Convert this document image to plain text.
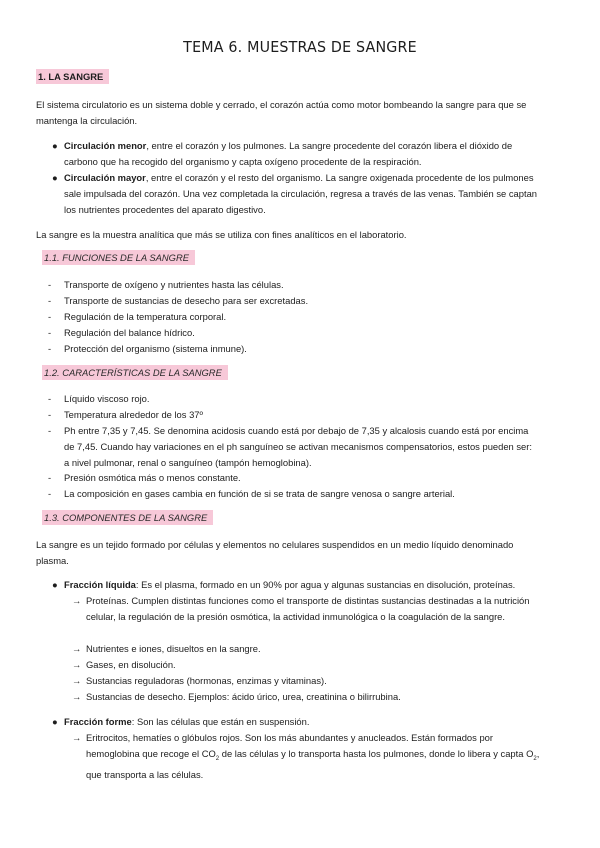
TEMA 6. MUESTRAS DE SANGRE
1. LA SANGRE
El sistema circulatorio es un sistema doble y cerrado, el corazón actúa como motor bombeando la sangre para que se mantenga la circulación.
● Circulación menor, entre el corazón y los pulmones. La sangre procedente del corazón libera el dióxido de carbono que ha recogido del organismo y capta oxígeno procedente de la respiración.
● Circulación mayor, entre el corazón y el resto del organismo. La sangre oxigenada procedente de los pulmones sale impulsada del corazón. Una vez completada la circulación, regresa a través de las venas. También se captan los nutrientes procedentes del aparato digestivo.
La sangre es la muestra analítica que más se utiliza con fines analíticos en el laboratorio.
1.1. FUNCIONES DE LA SANGRE
- Transporte de oxígeno y nutrientes hasta las células.
- Transporte de sustancias de desecho para ser excretadas.
- Regulación de la temperatura corporal.
- Regulación del balance hídrico.
- Protección del organismo (sistema inmune).
1.2. CARACTERÍSTICAS DE LA SANGRE
- Líquido viscoso rojo.
- Temperatura alrededor de los 37º
- Ph entre 7,35 y 7,45. Se denomina acidosis cuando está por debajo de 7,35 y alcalosis cuando está por encima de 7,45. Cuando hay variaciones en el ph sanguíneo se activan mecanismos compensatorios, estos pueden ser: a nivel pulmonar, renal o sanguíneo (tampón hemoglobina).
- Presión osmótica más o menos constante.
- La composición en gases cambia en función de si se trata de sangre venosa o sangre arterial.
1.3. COMPONENTES DE LA SANGRE
La sangre es un tejido formado por células y elementos no celulares suspendidos en un medio líquido denominado plasma.
● Fracción líquida: Es el plasma, formado en un 90% por agua y algunas sustancias en disolución, proteínas.
→ Proteínas. Cumplen distintas funciones como el transporte de distintas sustancias destinadas a la nutrición celular, la regulación de la presión osmótica, la actividad inmunológica o la coagulación de la sangre.
→ Nutrientes e iones, disueltos en la sangre.
→ Gases, en disolución.
→ Sustancias reguladoras (hormonas, enzimas y vitaminas).
→ Sustancias de desecho. Ejemplos: ácido úrico, urea, creatinina o bilirrubina.
● Fracción forme: Son las células que están en suspensión.
→ Eritrocitos, hematíes o glóbulos rojos. Son los más abundantes y anucleados. Están formados por hemoglobina que recoge el $CO_2$ de las células y lo transporta hasta los pulmones, donde lo libera y capta $O_2$, que transporta a las células.
